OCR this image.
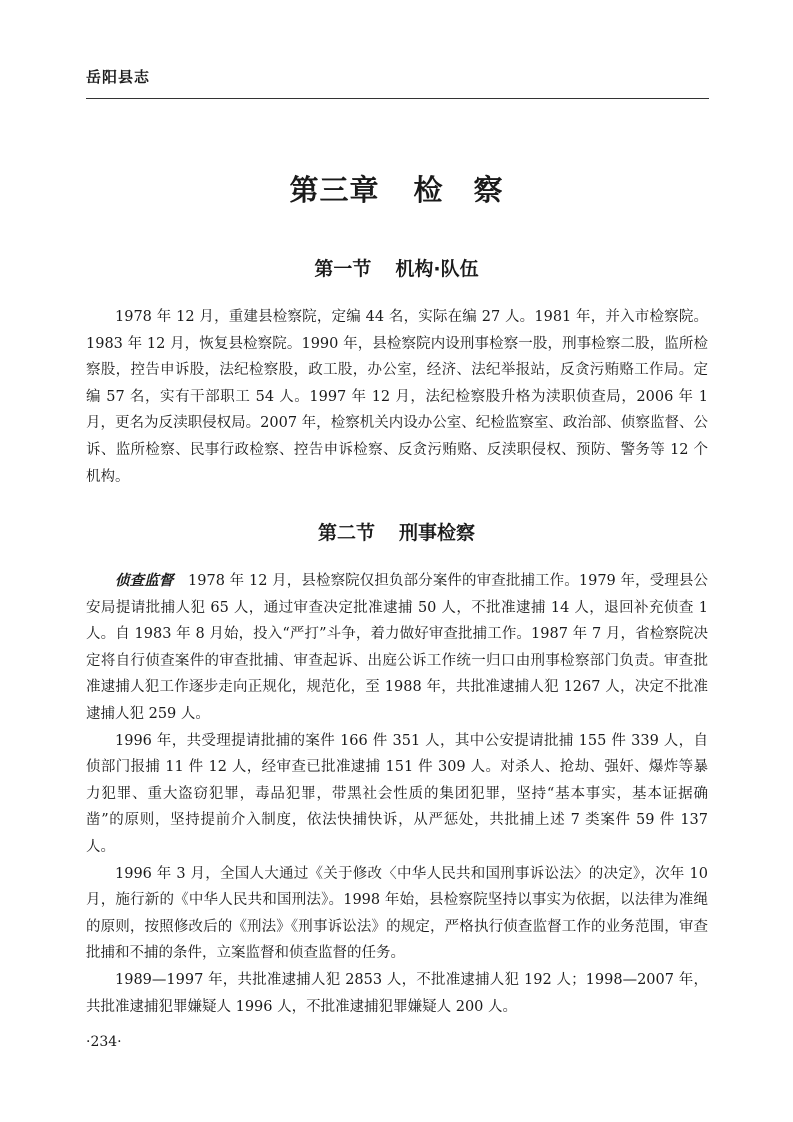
岳阳县志
第三章 检　察
第一节 机构·队伍

1978 年 12 月，重建县检察院，定编 44 名，实际在编 27 人。1981 年，并入市检察院。1983 年 12 月，恢复县检察院。1990 年，县检察院内设刑事检察一股，刑事检察二股，监所检察股，控告申诉股，法纪检察股，政工股，办公室，经济、法纪举报站，反贪污贿赂工作局。定编 57 名，实有干部职工 54 人。1997 年 12 月，法纪检察股升格为渎职侦查局，2006 年 1 月，更名为反渎职侵权局。2007 年，检察机关内设办公室、纪检监察室、政治部、侦察监督、公诉、监所检察、民事行政检察、控告申诉检察、反贪污贿赂、反渎职侵权、预防、警务等 12 个机构。

第二节 刑事检察

侦查监督　 1978 年 12 月，县检察院仅担负部分案件的审查批捕工作。1979 年，受理县公安局提请批捕人犯 65 人，通过审查决定批准逮捕 50 人，不批准逮捕 14 人，退回补充侦查 1 人。自 1983 年 8 月始，投入“严打”斗争，着力做好审查批捕工作。1987 年 7 月，省检察院决定将自行侦查案件的审查批捕、审查起诉、出庭公诉工作统一归口由刑事检察部门负责。审查批准逮捕人犯工作逐步走向正规化，规范化，至 1988 年，共批准逮捕人犯 1267 人，决定不批准逮捕人犯 259 人。

1996 年，共受理提请批捕的案件 166 件 351 人，其中公安提请批捕 155 件 339 人，自侦部门报捕 11 件 12 人，经审查已批准逮捕 151 件 309 人。对杀人、抢劫、强奸、爆炸等暴力犯罪、重大盗窃犯罪，毒品犯罪，带黑社会性质的集团犯罪，坚持“基本事实，基本证据确凿”的原则，坚持提前介入制度，依法快捕快诉，从严惩处，共批捕上述 7 类案件 59 件 137 人。

1996 年 3 月，全国人大通过《关于修改〈中华人民共和国刑事诉讼法〉的决定》，次年 10 月，施行新的《中华人民共和国刑法》。1998 年始，县检察院坚持以事实为依据，以法律为准绳的原则，按照修改后的《刑法》《刑事诉讼法》的规定，严格执行侦查监督工作的业务范围，审查批捕和不捕的条件，立案监督和侦查监督的任务。

1989—1997 年，共批准逮捕人犯 2853 人，不批准逮捕人犯 192 人；1998—2007 年，共批准逮捕犯罪嫌疑人 1996 人，不批准逮捕犯罪嫌疑人 200 人。

·234·
